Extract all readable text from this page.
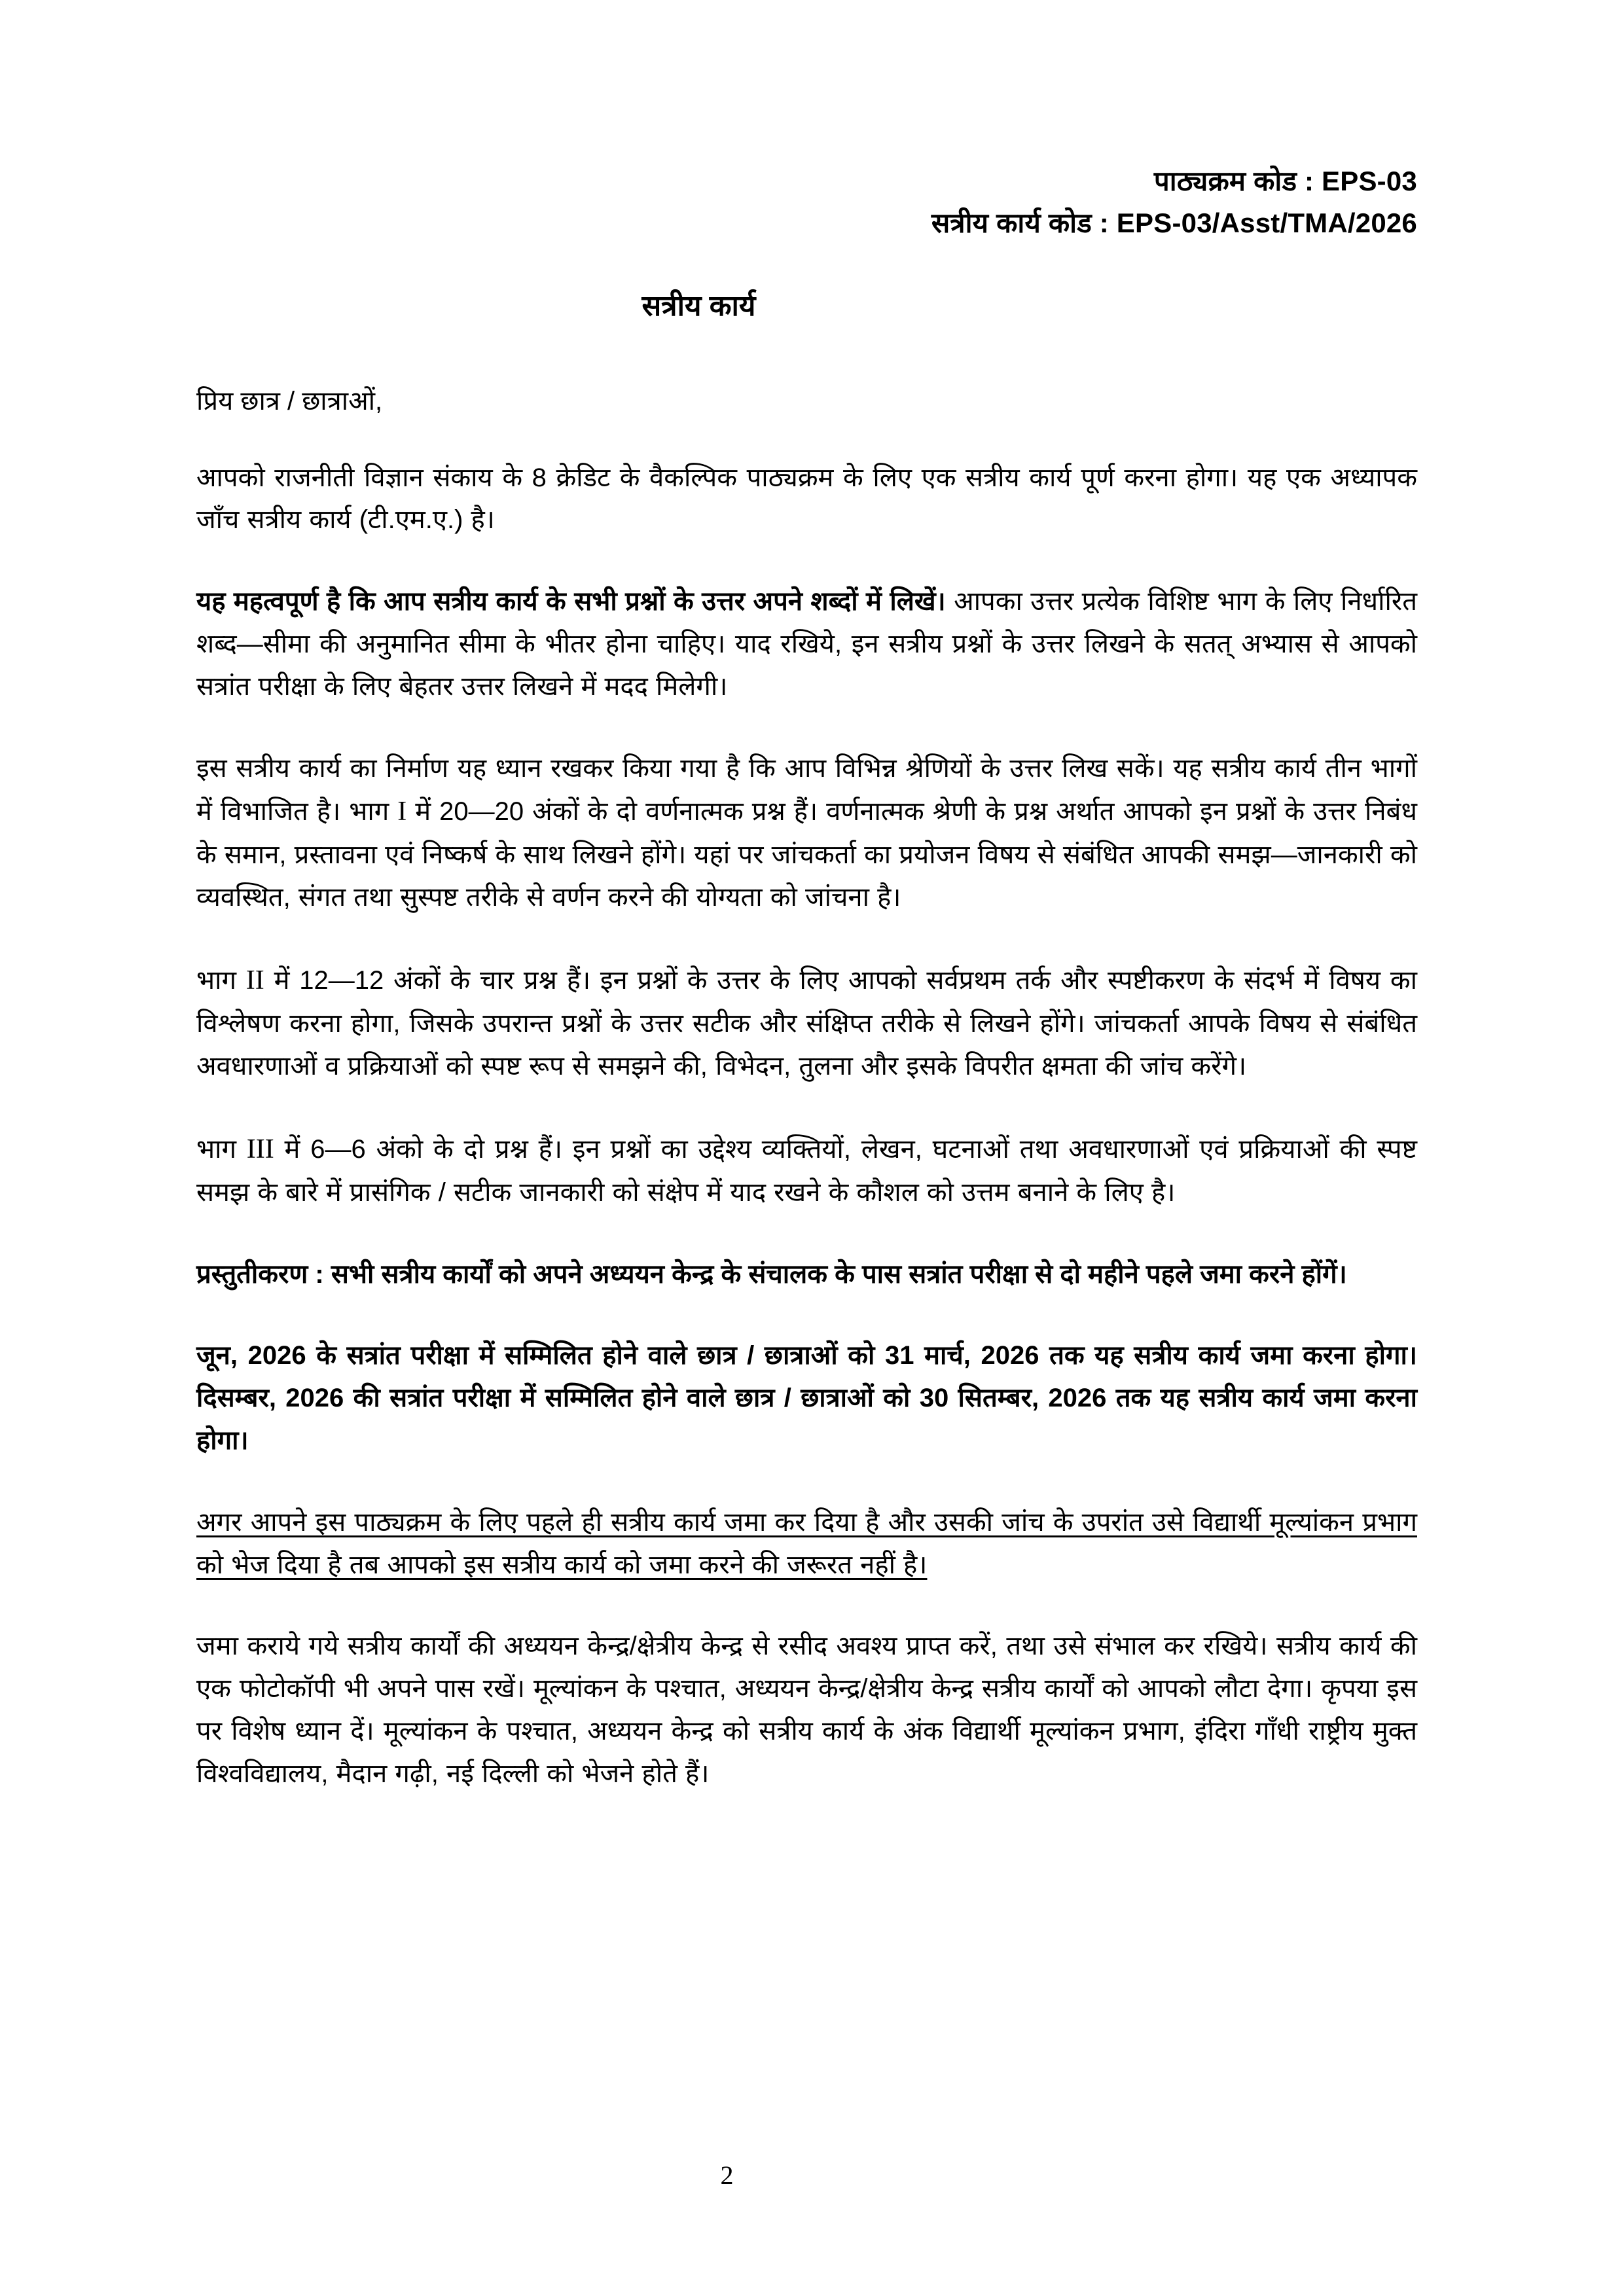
पाठ्यक्रम कोड : EPS-03
सत्रीय कार्य कोड : EPS-03/Asst/TMA/2026
सत्रीय कार्य
प्रिय छात्र / छात्राओं,

आपको राजनीती विज्ञान संकाय के 8 क्रेडिट के वैकल्पिक पाठ्यक्रम के लिए एक सत्रीय कार्य पूर्ण करना होगा। यह एक अध्यापक जाँच सत्रीय कार्य (टी.एम.ए.) है।

यह महत्वपूर्ण है कि आप सत्रीय कार्य के सभी प्रश्नों के उत्तर अपने शब्दों में लिखें। आपका उत्तर प्रत्येक विशिष्ट भाग के लिए निर्धारित शब्द—सीमा की अनुमानित सीमा के भीतर होना चाहिए। याद रखिये, इन सत्रीय प्रश्नों के उत्तर लिखने के सतत् अभ्यास से आपको सत्रांत परीक्षा के लिए बेहतर उत्तर लिखने में मदद मिलेगी।

इस सत्रीय कार्य का निर्माण यह ध्यान रखकर किया गया है कि आप विभिन्न श्रेणियों के उत्तर लिख सकें। यह सत्रीय कार्य तीन भागों में विभाजित है। भाग I में 20—20 अंकों के दो वर्णनात्मक प्रश्न हैं। वर्णनात्मक श्रेणी के प्रश्न अर्थात आपको इन प्रश्नों के उत्तर निबंध के समान, प्रस्तावना एवं निष्कर्ष के साथ लिखने होंगे। यहां पर जांचकर्ता का प्रयोजन विषय से संबंधित आपकी समझ—जानकारी को व्यवस्थित, संगत तथा सुस्पष्ट तरीके से वर्णन करने की योग्यता को जांचना है।

भाग II में 12—12 अंकों के चार प्रश्न हैं। इन प्रश्नों के उत्तर के लिए आपको सर्वप्रथम तर्क और स्पष्टीकरण के संदर्भ में विषय का विश्लेषण करना होगा, जिसके उपरान्त प्रश्नों के उत्तर सटीक और संक्षिप्त तरीके से लिखने होंगे। जांचकर्ता आपके विषय से संबंधित अवधारणाओं व प्रक्रियाओं को स्पष्ट रूप से समझने की, विभेदन, तुलना और इसके विपरीत क्षमता की जांच करेंगे।

भाग III में 6—6 अंको के दो प्रश्न हैं। इन प्रश्नों का उद्देश्य व्यक्तियों, लेखन, घटनाओं तथा अवधारणाओं एवं प्रक्रियाओं की स्पष्ट समझ के बारे में प्रासंगिक / सटीक जानकारी को संक्षेप में याद रखने के कौशल को उत्तम बनाने के लिए है।

प्रस्तुतीकरण : सभी सत्रीय कार्यों को अपने अध्ययन केन्द्र के संचालक के पास सत्रांत परीक्षा से दो महीने पहले जमा करने होंगें।

जून, 2026 के सत्रांत परीक्षा में सम्मिलित होने वाले छात्र / छात्राओं को 31 मार्च, 2026 तक यह सत्रीय कार्य जमा करना होगा। दिसम्बर, 2026 की सत्रांत परीक्षा में सम्मिलित होने वाले छात्र / छात्राओं को 30 सितम्बर, 2026 तक यह सत्रीय कार्य जमा करना होगा।

अगर आपने इस पाठ्यक्रम के लिए पहले ही सत्रीय कार्य जमा कर दिया है और उसकी जांच के उपरांत उसे विद्यार्थी मूल्यांकन प्रभाग को भेज दिया है तब आपको इस सत्रीय कार्य को जमा करने की जरूरत नहीं है।

जमा कराये गये सत्रीय कार्यों की अध्ययन केन्द्र/क्षेत्रीय केन्द्र से रसीद अवश्य प्राप्त करें, तथा उसे संभाल कर रखिये। सत्रीय कार्य की एक फोटोकॉपी भी अपने पास रखें। मूल्यांकन के पश्चात, अध्ययन केन्द्र/क्षेत्रीय केन्द्र सत्रीय कार्यों को आपको लौटा देगा। कृपया इस पर विशेष ध्यान दें। मूल्यांकन के पश्चात, अध्ययन केन्द्र को सत्रीय कार्य के अंक विद्यार्थी मूल्यांकन प्रभाग, इंदिरा गाँधी राष्ट्रीय मुक्त विश्वविद्यालय, मैदान गढ़ी, नई दिल्ली को भेजने होते हैं।

2
